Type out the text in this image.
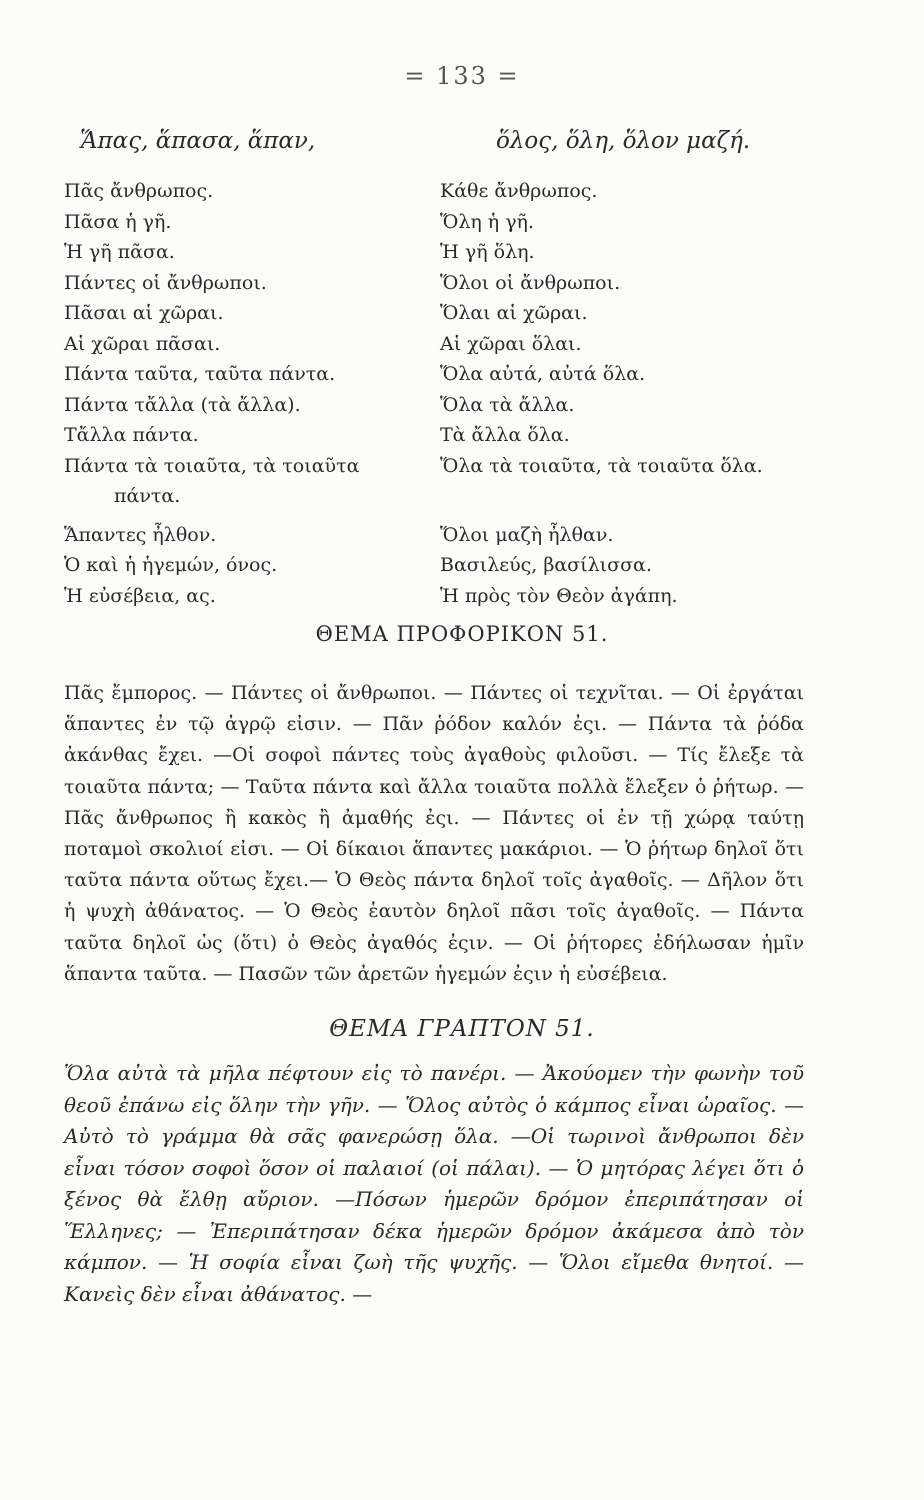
= 133 =
Ἅπας, ἅπασα, ἅπαν,	ὅλος, ὅλη, ὅλον μαζή.
Πᾶς ἄνθρωπος.	Κάθε ἄνθρωπος.
Πᾶσα ἡ γῆ.	Ὅλη ἡ γῆ.
Ἡ γῆ πᾶσα.	Ἡ γῆ ὅλη.
Πάντες οἱ ἄνθρωποι.	Ὅλοι οἱ ἄνθρωποι.
Πᾶσαι αἱ χῶραι.	Ὅλαι αἱ χῶραι.
Αἱ χῶραι πᾶσαι.	Αἱ χῶραι ὅλαι.
Πάντα ταῦτα, ταῦτα πάντα.	Ὅλα αὐτά, αὐτά ὅλα.
Πάντα τἄλλα (τὰ ἄλλα).	Ὅλα τὰ ἄλλα.
Τἄλλα πάντα.	Τὰ ἄλλα ὅλα.
Πάντα τὰ τοιαῦτα, τὰ τοιαῦτα	Ὅλα τὰ τοιαῦτα, τὰ τοιαῦτα ὅλα.
πάντα.
Ἅπαντες ἦλθον.	Ὅλοι μαζὴ ἦλθαν.
Ὁ καὶ ἡ ἡγεμών, όνος.	Βασιλεύς, βασίλισσα.
Ἡ εὐσέβεια, ας.	Ἡ πρὸς τὸν Θεὸν ἀγάπη.
ΘΕΜΑ ΠΡΟΦΟΡΙΚΟΝ 51.
Πᾶς ἔμπορος. — Πάντες οἱ ἄνθρωποι. — Πάντες οἱ τεχνῖται. — Οἱ ἐργάται ἅπαντες ἐν τῷ ἀγρῷ εἰσιν. — Πᾶν ῥόδον καλόν ἐςι. — Πάντα τὰ ῥόδα ἀκάνθας ἔχει. —Οἱ σοφοὶ πάντες τοὺς ἀγαθοὺς φιλοῦσι. — Τίς ἔλεξε τὰ τοιαῦτα πάντα; — Ταῦτα πάντα καὶ ἄλλα τοιαῦτα πολλὰ ἔλεξεν ὁ ῥήτωρ. — Πᾶς ἄνθρωπος ἢ κακὸς ἢ ἀμαθής ἐςι. — Πάντες οἱ ἐν τῇ χώρᾳ ταύτῃ ποταμοὶ σκολιοί εἰσι. — Οἱ δίκαιοι ἅπαντες μακάριοι. — Ὁ ῥήτωρ δηλοῖ ὅτι ταῦτα πάντα οὕτως ἔχει.— Ὁ Θεὸς πάντα δηλοῖ τοῖς ἀγαθοῖς. — Δῆλον ὅτι ἡ ψυχὴ ἀθάνατος. — Ὁ Θεὸς ἑαυτὸν δηλοῖ πᾶσι τοῖς ἀγαθοῖς. — Πάντα ταῦτα δηλοῖ ὡς (ὅτι) ὁ Θεὸς ἀγαθός ἐςιν. — Οἱ ῥήτορες ἐδήλωσαν ἡμῖν ἅπαντα ταῦτα. — Πασῶν τῶν ἀρετῶν ἡγεμών ἐςιν ἡ εὐσέβεια.
ΘΕΜΑ ΓΡΑΠΤΟΝ 51.
Ὅλα αὐτὰ τὰ μῆλα πέφτουν εἰς τὸ πανέρι. — Ἀκούομεν τὴν φωνὴν τοῦ θεοῦ ἐπάνω εἰς ὅλην τὴν γῆν. — Ὅλος αὐτὸς ὁ κάμπος εἶναι ὡραῖος. — Αὐτὸ τὸ γράμμα θὰ σᾶς φανερώσῃ ὅλα. —Οἱ τωρινοὶ ἄνθρωποι δὲν εἶναι τόσον σοφοὶ ὅσον οἱ παλαιοί (οἱ πάλαι). — Ὁ μητόρας λέγει ὅτι ὁ ξένος θὰ ἔλθῃ αὔριον. —Πόσων ἡμερῶν δρόμον ἐπεριπάτησαν οἱ Ἕλληνες; — Ἐπεριπάτησαν δέκα ἡμερῶν δρόμον ἀκάμεσα ἀπὸ τὸν κάμπον. — Ἡ σοφία εἶναι ζωὴ τῆς ψυχῆς. — Ὅλοι εἴμεθα θνητοί. — Κανεὶς δὲν εἶναι ἀθάνατος. —
